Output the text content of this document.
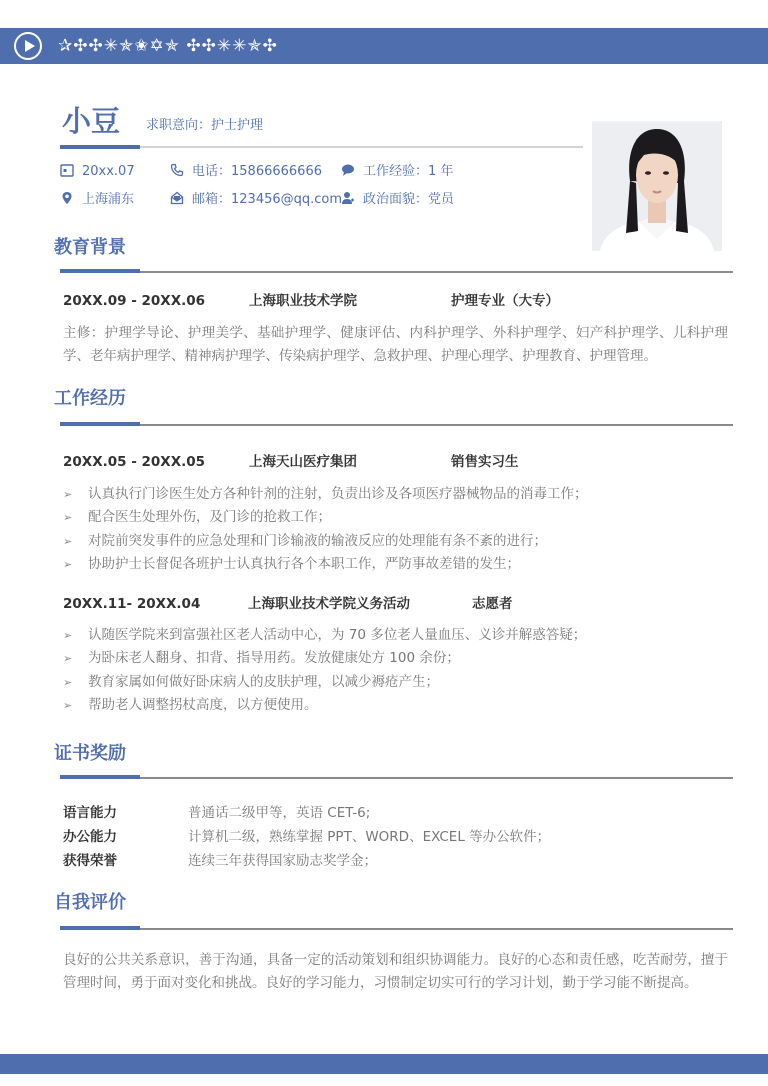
✰✣✣✳✯✬✡✯ ✣✣✳✳✯✣
小豆 求职意向：护士护理
20xx.07	电话：15866666666	工作经验：1 年
上海浦东	邮箱：123456@qq.com	政治面貌：党员
教育背景
20XX.09 - 20XX.06	上海职业技术学院	护理专业（大专）
主修：护理学导论、护理美学、基础护理学、健康评估、内科护理学、外科护理学、妇产科护理学、儿科护理学、老年病护理学、精神病护理学、传染病护理学、急救护理、护理心理学、护理教育、护理管理。
工作经历
20XX.05 - 20XX.05	上海天山医疗集团	销售实习生
➢ 认真执行门诊医生处方各种针剂的注射，负责出诊及各项医疗器械物品的消毒工作；
➢ 配合医生处理外伤，及门诊的抢救工作；
➢ 对院前突发事件的应急处理和门诊输液的输液反应的处理能有条不紊的进行；
➢ 协助护士长督促各班护士认真执行各个本职工作，严防事故差错的发生；
20XX.11- 20XX.04	上海职业技术学院义务活动	志愿者
➢ 认随医学院来到富强社区老人活动中心，为 70 多位老人量血压、义诊并解惑答疑；
➢ 为卧床老人翻身、扣背、指导用药。发放健康处方 100 余份；
➢ 教育家属如何做好卧床病人的皮肤护理，以减少褥疮产生；
➢ 帮助老人调整拐杖高度，以方便使用。
证书奖励
语言能力	普通话二级甲等，英语 CET-6;
办公能力	计算机二级，熟练掌握 PPT、WORD、EXCEL 等办公软件；
获得荣誉	连续三年获得国家励志奖学金；
自我评价
良好的公共关系意识，善于沟通，具备一定的活动策划和组织协调能力。良好的心态和责任感，吃苦耐劳，擅于管理时间，勇于面对变化和挑战。良好的学习能力，习惯制定切实可行的学习计划，勤于学习能不断提高。
